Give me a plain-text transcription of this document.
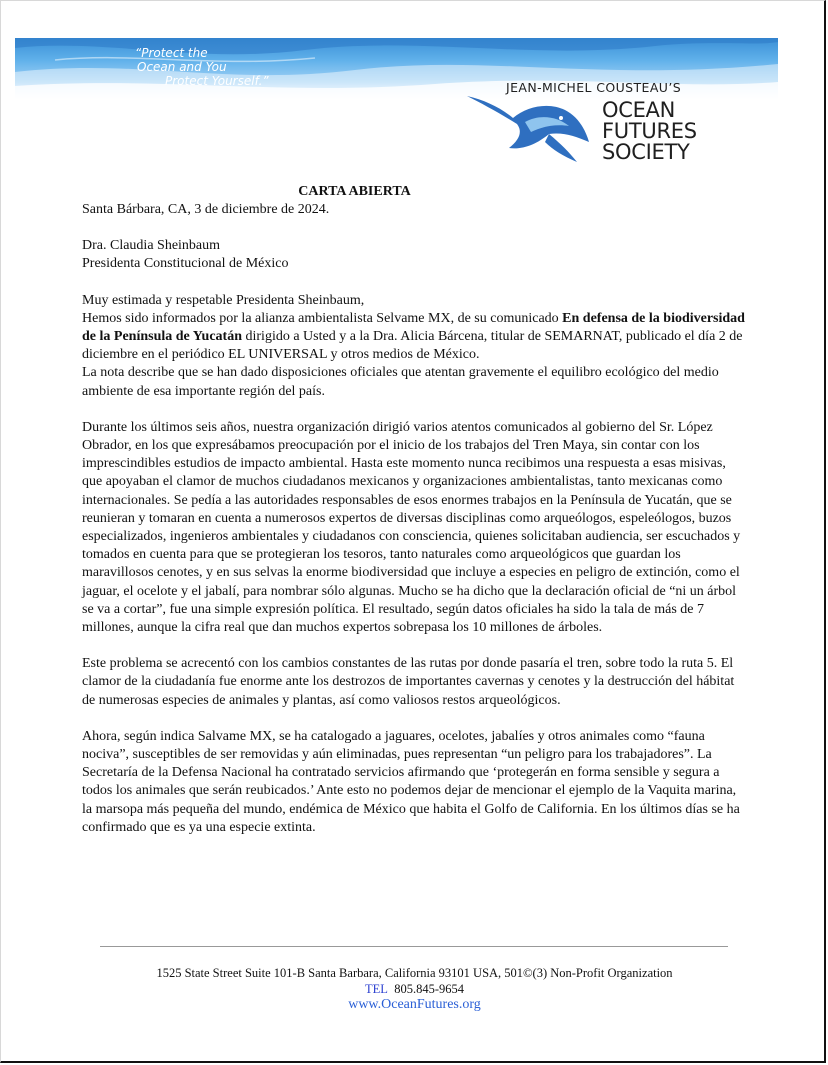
“Protect the
Ocean and You
Protect Yourself.”	JEAN-MICHEL COUSTEAU’S
OCEAN
FUTURES
SOCIETY
CARTA ABIERTA

Santa Bárbara, CA, 3 de diciembre de 2024.

Dra. Claudia Sheinbaum

Presidenta Constitucional de México

Muy estimada y respetable Presidenta Sheinbaum,

Hemos sido informados por la alianza ambientalista Selvame MX, de su comunicado En defensa de la biodiversidad de la Península de Yucatán dirigido a Usted y a la Dra. Alicia Bárcena, titular de SEMARNAT, publicado el día 2 de diciembre en el periódico EL UNIVERSAL y otros medios de México.

La nota describe que se han dado disposiciones oficiales que atentan gravemente el equilibro ecológico del medio ambiente de esa importante región del país.

Durante los últimos seis años, nuestra organización dirigió varios atentos comunicados al gobierno del Sr. López Obrador, en los que expresábamos preocupación por el inicio de los trabajos del Tren Maya, sin contar con los imprescindibles estudios de impacto ambiental. Hasta este momento nunca recibimos una respuesta a esas misivas, que apoyaban el clamor de muchos ciudadanos mexicanos y organizaciones ambientalistas, tanto mexicanas como internacionales. Se pedía a las autoridades responsables de esos enormes trabajos en la Península de Yucatán, que se reunieran y tomaran en cuenta a numerosos expertos de diversas disciplinas como arqueólogos, espeleólogos, buzos especializados, ingenieros ambientales y ciudadanos con consciencia, quienes solicitaban audiencia, ser escuchados y tomados en cuenta para que se protegieran los tesoros, tanto naturales como arqueológicos que guardan los maravillosos cenotes, y en sus selvas la enorme biodiversidad que incluye a especies en peligro de extinción, como el jaguar, el ocelote y el jabalí, para nombrar sólo algunas. Mucho se ha dicho que la declaración oficial de “ni un árbol se va a cortar”, fue una simple expresión política. El resultado, según datos oficiales ha sido la tala de más de 7 millones, aunque la cifra real que dan muchos expertos sobrepasa los 10 millones de árboles.

Este problema se acrecentó con los cambios constantes de las rutas por donde pasaría el tren, sobre todo la ruta 5. El clamor de la ciudadanía fue enorme ante los destrozos de importantes cavernas y cenotes y la destrucción del hábitat de numerosas especies de animales y plantas, así como valiosos restos arqueológicos.

Ahora, según indica Salvame MX, se ha catalogado a jaguares, ocelotes, jabalíes y otros animales como “fauna nociva”, susceptibles de ser removidas y aún eliminadas, pues representan “un peligro para los trabajadores”. La Secretaría de la Defensa Nacional ha contratado servicios afirmando que ‘protegerán en forma sensible y segura a todos los animales que serán reubicados.’ Ante esto no podemos dejar de mencionar el ejemplo de la Vaquita marina, la marsopa más pequeña del mundo, endémica de México que habita el Golfo de California. En los últimos días se ha confirmado que es ya una especie extinta.

1525 State Street Suite 101-B Santa Barbara, California 93101 USA, 501©(3) Non-Profit Organization
TEL 805.845-9654
www.OceanFutures.org
